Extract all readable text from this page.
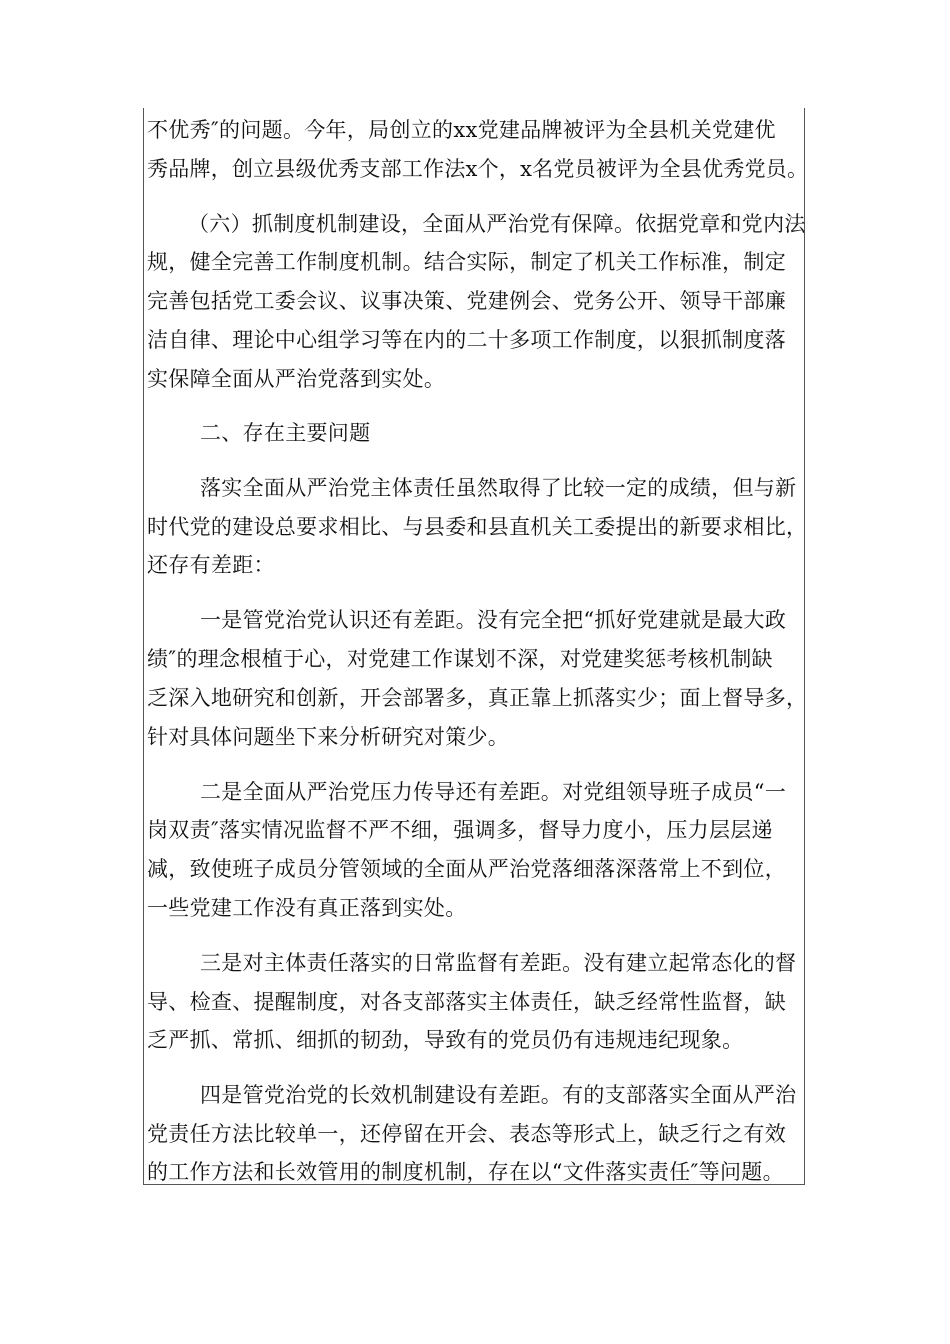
不优秀″的问题。今年，局创立的xx党建品牌被评为全县机关党建优
秀品牌，创立县级优秀支部工作法x个，x名党员被评为全县优秀党员。
（六）抓制度机制建设，全面从严治党有保障。依据党章和党内法
规，健全完善工作制度机制。结合实际，制定了机关工作标准，制定
完善包括党工委会议、议事决策、党建例会、党务公开、领导干部廉
洁自律、理论中心组学习等在内的二十多项工作制度，以狠抓制度落
实保障全面从严治党落到实处。
二、存在主要问题
落实全面从严治党主体责任虽然取得了比较一定的成绩，但与新
时代党的建设总要求相比、与县委和县直机关工委提出的新要求相比，
还存有差距：
一是管党治党认识还有差距。没有完全把“抓好党建就是最大政
绩″的理念根植于心，对党建工作谋划不深，对党建奖惩考核机制缺
乏深入地研究和创新，开会部署多，真正靠上抓落实少；面上督导多，
针对具体问题坐下来分析研究对策少。
二是全面从严治党压力传导还有差距。对党组领导班子成员“一
岗双责″落实情况监督不严不细，强调多，督导力度小，压力层层递
减，致使班子成员分管领域的全面从严治党落细落深落常上不到位，
一些党建工作没有真正落到实处。
三是对主体责任落实的日常监督有差距。没有建立起常态化的督
导、检查、提醒制度，对各支部落实主体责任，缺乏经常性监督，缺
乏严抓、常抓、细抓的韧劲，导致有的党员仍有违规违纪现象。
四是管党治党的长效机制建设有差距。有的支部落实全面从严治
党责任方法比较单一，还停留在开会、表态等形式上，缺乏行之有效
的工作方法和长效管用的制度机制，存在以“文件落实责任″等问题。
